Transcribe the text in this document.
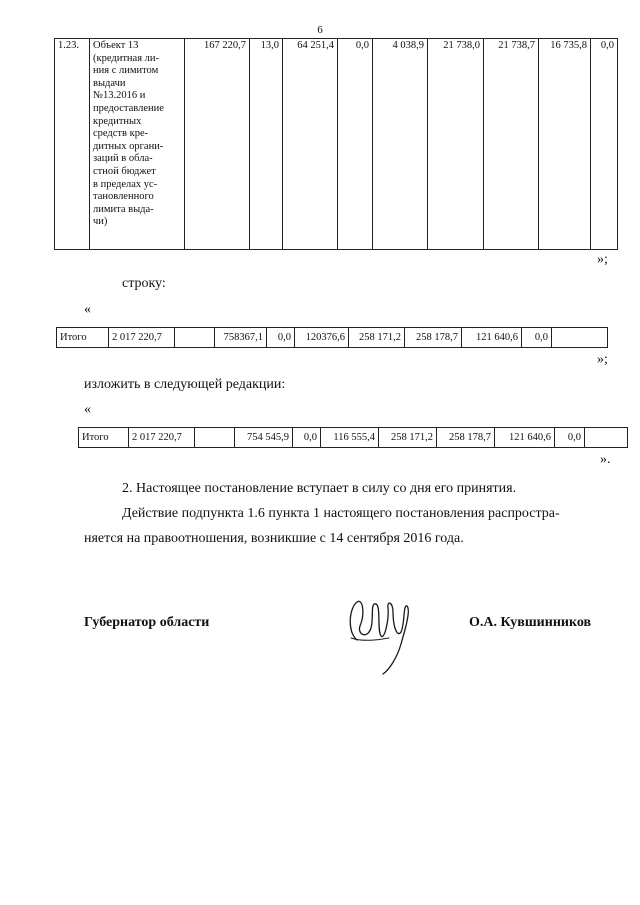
6
1.23.	Объект 13
(кредитная ли-
ния с лимитом
выдачи
№13.2016 и
предоставление
кредитных
средств кре-
дитных органи-
заций в обла-
стной бюджет
в пределах ус-
тановленного
лимита выда-
чи)	167 220,7	13,0	64 251,4	0,0	4 038,9	21 738,0	21 738,7	16 735,8	0,0
»;
строку:
«
Итого	2 017 220,7		758367,1	0,0	120376,6	258 171,2	258 178,7	121 640,6	0,0	
»;
изложить в следующей редакции:
«
Итого	2 017 220,7		754 545,9	0,0	116 555,4	258 171,2	258 178,7	121 640,6	0,0	
».
2. Настоящее постановление вступает в силу со дня его принятия.
Действие подпункта 1.6 пункта 1 настоящего постановления распростра-
няется на правоотношения, возникшие с 14 сентября 2016 года.
Губернатор области	О.А. Кувшинников
